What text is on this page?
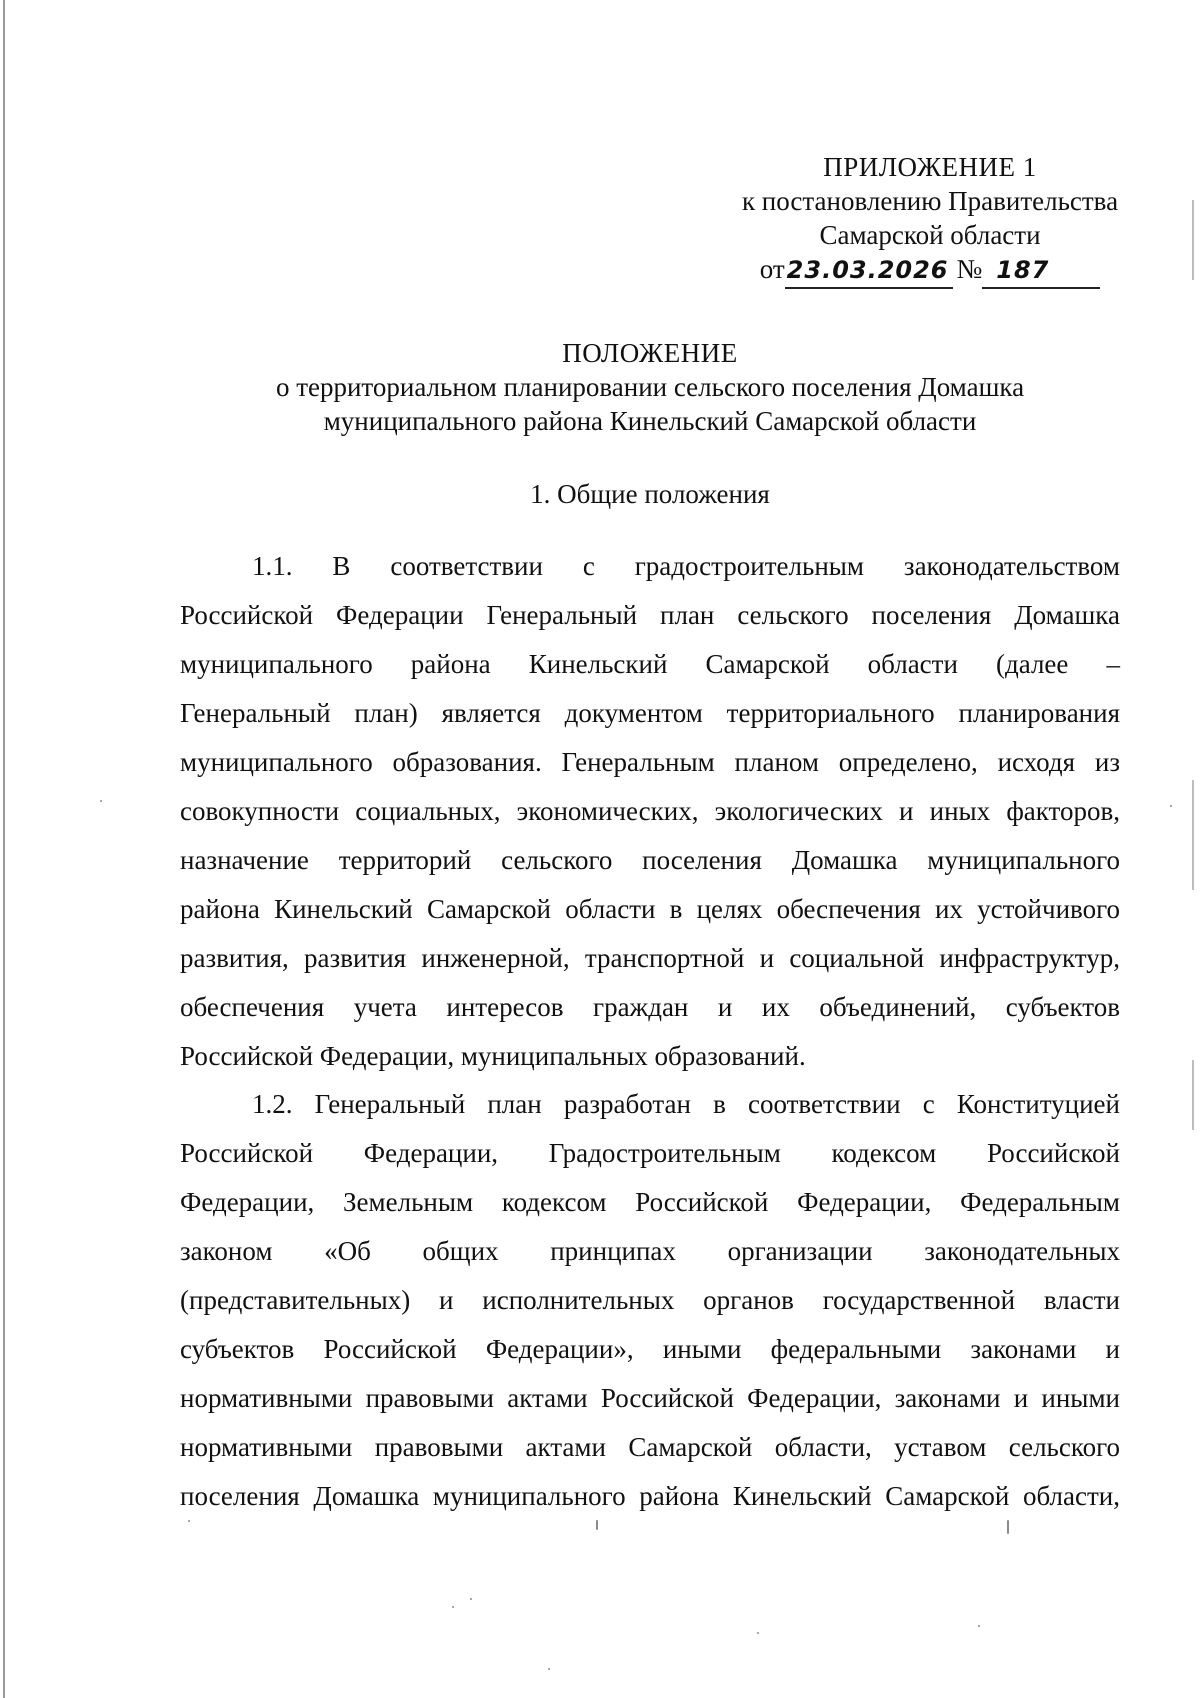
ПРИЛОЖЕНИЕ 1
к постановлению Правительства
Самарской области
от23.03.2026 № 187
ПОЛОЖЕНИЕ
о территориальном планировании сельского поселения Домашка
муниципального района Кинельский Самарской области
1. Общие положения
1.1. В соответствии с градостроительным законодательством
Российской Федерации Генеральный план сельского поселения Домашка
муниципального района Кинельский Самарской области (далее –
Генеральный план) является документом территориального планирования
муниципального образования. Генеральным планом определено, исходя из
совокупности социальных, экономических, экологических и иных факторов,
назначение территорий сельского поселения Домашка муниципального
района Кинельский Самарской области в целях обеспечения их устойчивого
развития, развития инженерной, транспортной и социальной инфраструктур,
обеспечения учета интересов граждан и их объединений, субъектов
Российской Федерации, муниципальных образований.
1.2. Генеральный план разработан в соответствии с Конституцией
Российской Федерации, Градостроительным кодексом Российской
Федерации, Земельным кодексом Российской Федерации, Федеральным
законом «Об общих принципах организации законодательных
(представительных) и исполнительных органов государственной власти
субъектов Российской Федерации», иными федеральными законами и
нормативными правовыми актами Российской Федерации, законами и иными
нормативными правовыми актами Самарской области, уставом сельского
поселения Домашка муниципального района Кинельский Самарской области,
